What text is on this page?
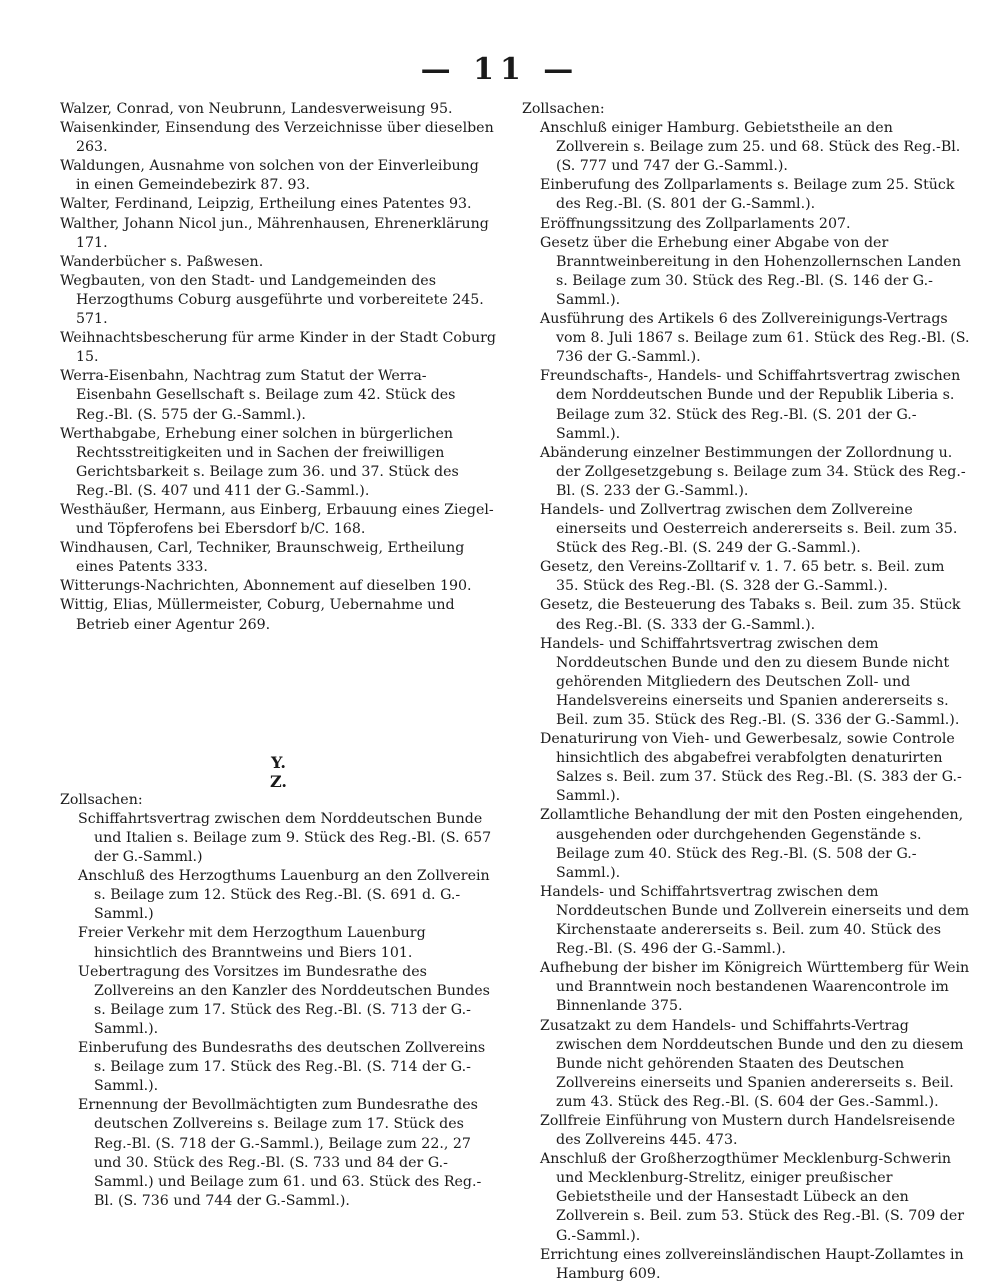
— 11 —

Walzer, Conrad, von Neubrunn, Landesverweisung 95.

Waisenkinder, Einsendung des Verzeichnisse über dieselben 263.

Waldungen, Ausnahme von solchen von der Einverleibung in einen Gemeindebezirk 87. 93.

Walter, Ferdinand, Leipzig, Ertheilung eines Patentes 93.

Walther, Johann Nicol jun., Mährenhausen, Ehrenerklärung 171.

Wanderbücher s. Paßwesen.

Wegbauten, von den Stadt- und Landgemeinden des Herzogthums Coburg ausgeführte und vorbereitete 245. 571.

Weihnachtsbescherung für arme Kinder in der Stadt Coburg 15.

Werra-Eisenbahn, Nachtrag zum Statut der Werra-Eisenbahn Gesellschaft s. Beilage zum 42. Stück des Reg.-Bl. (S. 575 der G.-Samml.).

Werthabgabe, Erhebung einer solchen in bürgerlichen Rechtsstreitigkeiten und in Sachen der freiwilligen Gerichtsbarkeit s. Beilage zum 36. und 37. Stück des Reg.-Bl. (S. 407 und 411 der G.-Samml.).

Westhäußer, Hermann, aus Einberg, Erbauung eines Ziegel- und Töpferofens bei Ebersdorf b/C. 168.

Windhausen, Carl, Techniker, Braunschweig, Ertheilung eines Patents 333.

Witterungs-Nachrichten, Abonnement auf dieselben 190.

Wittig, Elias, Müllermeister, Coburg, Uebernahme und Betrieb einer Agentur 269.

Y.

Z.

Zollsachen:

Schiffahrtsvertrag zwischen dem Norddeutschen Bunde und Italien s. Beilage zum 9. Stück des Reg.-Bl. (S. 657 der G.-Samml.)

Anschluß des Herzogthums Lauenburg an den Zollverein s. Beilage zum 12. Stück des Reg.-Bl. (S. 691 d. G.-Samml.)

Freier Verkehr mit dem Herzogthum Lauenburg hinsichtlich des Branntweins und Biers 101.

Uebertragung des Vorsitzes im Bundesrathe des Zollvereins an den Kanzler des Norddeutschen Bundes s. Beilage zum 17. Stück des Reg.-Bl. (S. 713 der G.-Samml.).

Einberufung des Bundesraths des deutschen Zollvereins s. Beilage zum 17. Stück des Reg.-Bl. (S. 714 der G.-Samml.).

Ernennung der Bevollmächtigten zum Bundesrathe des deutschen Zollvereins s. Beilage zum 17. Stück des Reg.-Bl. (S. 718 der G.-Samml.), Beilage zum 22., 27 und 30. Stück des Reg.-Bl. (S. 733 und 84 der G.-Samml.) und Beilage zum 61. und 63. Stück des Reg.-Bl. (S. 736 und 744 der G.-Samml.).

Zollsachen:

Anschluß einiger Hamburg. Gebietstheile an den Zollverein s. Beilage zum 25. und 68. Stück des Reg.-Bl. (S. 777 und 747 der G.-Samml.).

Einberufung des Zollparlaments s. Beilage zum 25. Stück des Reg.-Bl. (S. 801 der G.-Samml.).

Eröffnungssitzung des Zollparlaments 207.

Gesetz über die Erhebung einer Abgabe von der Branntweinbereitung in den Hohenzollernschen Landen s. Beilage zum 30. Stück des Reg.-Bl. (S. 146 der G.-Samml.).

Ausführung des Artikels 6 des Zollvereinigungs-Vertrags vom 8. Juli 1867 s. Beilage zum 61. Stück des Reg.-Bl. (S. 736 der G.-Samml.).

Freundschafts-, Handels- und Schiffahrtsvertrag zwischen dem Norddeutschen Bunde und der Republik Liberia s. Beilage zum 32. Stück des Reg.-Bl. (S. 201 der G.-Samml.).

Abänderung einzelner Bestimmungen der Zollordnung u. der Zollgesetzgebung s. Beilage zum 34. Stück des Reg.-Bl. (S. 233 der G.-Samml.).

Handels- und Zollvertrag zwischen dem Zollvereine einerseits und Oesterreich andererseits s. Beil. zum 35. Stück des Reg.-Bl. (S. 249 der G.-Samml.).

Gesetz, den Vereins-Zolltarif v. 1. 7. 65 betr. s. Beil. zum 35. Stück des Reg.-Bl. (S. 328 der G.-Samml.).

Gesetz, die Besteuerung des Tabaks s. Beil. zum 35. Stück des Reg.-Bl. (S. 333 der G.-Samml.).

Handels- und Schiffahrtsvertrag zwischen dem Norddeutschen Bunde und den zu diesem Bunde nicht gehörenden Mitgliedern des Deutschen Zoll- und Handelsvereins einerseits und Spanien andererseits s. Beil. zum 35. Stück des Reg.-Bl. (S. 336 der G.-Samml.).

Denaturirung von Vieh- und Gewerbesalz, sowie Controle hinsichtlich des abgabefrei verabfolgten denaturirten Salzes s. Beil. zum 37. Stück des Reg.-Bl. (S. 383 der G.-Samml.).

Zollamtliche Behandlung der mit den Posten eingehenden, ausgehenden oder durchgehenden Gegenstände s. Beilage zum 40. Stück des Reg.-Bl. (S. 508 der G.-Samml.).

Handels- und Schiffahrtsvertrag zwischen dem Norddeutschen Bunde und Zollverein einerseits und dem Kirchenstaate andererseits s. Beil. zum 40. Stück des Reg.-Bl. (S. 496 der G.-Samml.).

Aufhebung der bisher im Königreich Württemberg für Wein und Branntwein noch bestandenen Waarencontrole im Binnenlande 375.

Zusatzakt zu dem Handels- und Schiffahrts-Vertrag zwischen dem Norddeutschen Bunde und den zu diesem Bunde nicht gehörenden Staaten des Deutschen Zollvereins einerseits und Spanien andererseits s. Beil. zum 43. Stück des Reg.-Bl. (S. 604 der Ges.-Samml.).

Zollfreie Einführung von Mustern durch Handelsreisende des Zollvereins 445. 473.

Anschluß der Großherzogthümer Mecklenburg-Schwerin und Mecklenburg-Strelitz, einiger preußischer Gebietstheile und der Hansestadt Lübeck an den Zollverein s. Beil. zum 53. Stück des Reg.-Bl. (S. 709 der G.-Samml.).

Errichtung eines zollvereinsländischen Haupt-Zollamtes in Hamburg 609.
